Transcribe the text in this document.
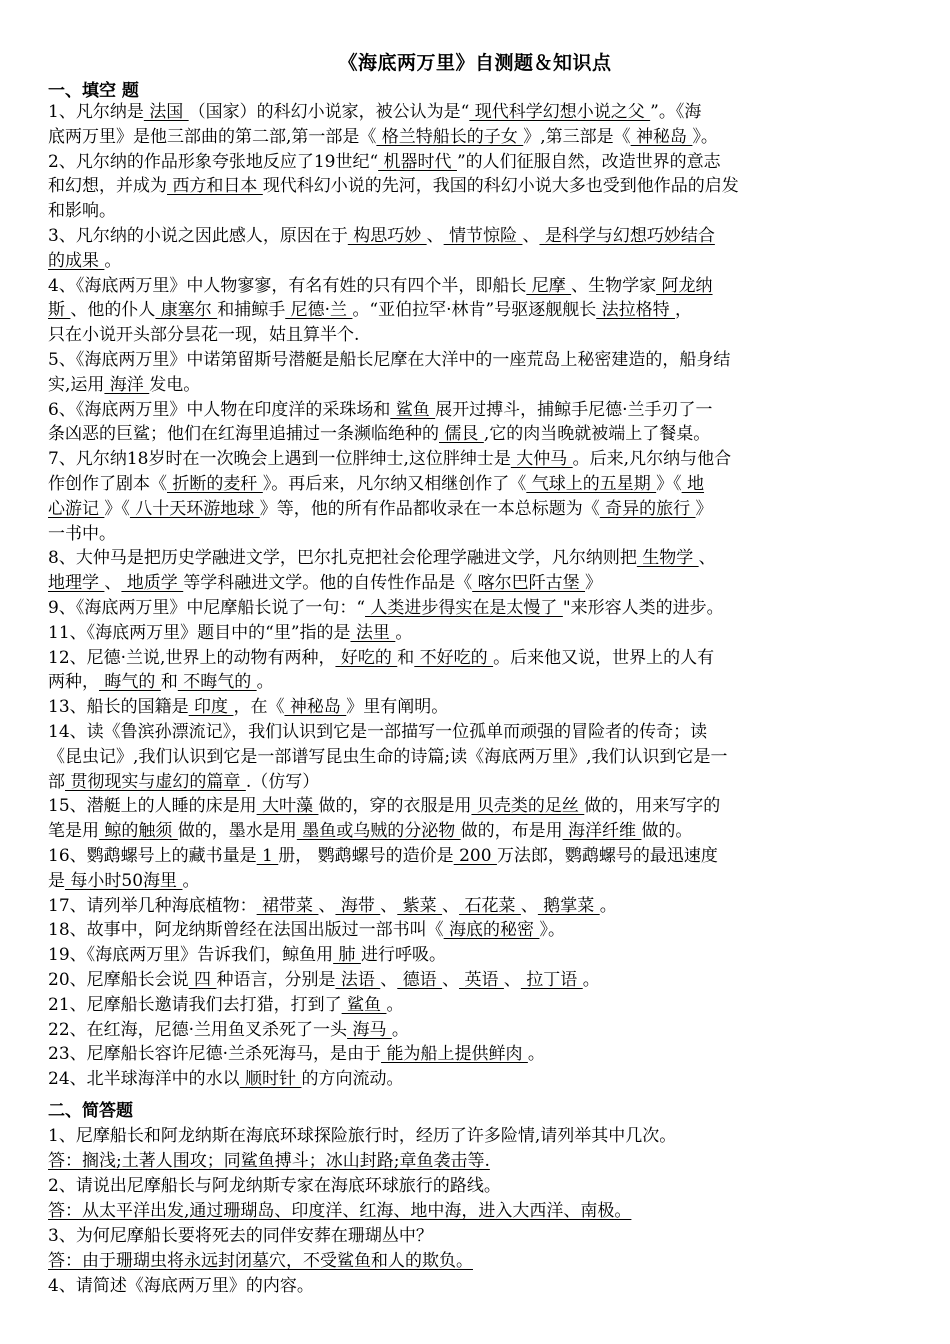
《海底两万里》自测题＆知识点
一、填空 题
二、简答题
1、凡尔纳是 法国 （国家）的科幻小说家，被公认为是“ 现代科学幻想小说之父 ”。《海
底两万里》是他三部曲的第二部,第一部是《 格兰特船长的子女 》,第三部是《 神秘岛 》。
2、凡尔纳的作品形象夸张地反应了19世纪“ 机器时代 ”的人们征服自然，改造世界的意志
和幻想，并成为 西方和日本 现代科幻小说的先河，我国的科幻小说大多也受到他作品的启发
和影响。
3、凡尔纳的小说之因此感人，原因在于 构思巧妙 、 情节惊险 、 是科学与幻想巧妙结合
的成果 。
4、《海底两万里》中人物寥寥，有名有姓的只有四个半，即船长 尼摩 、生物学家 阿龙纳
斯 、他的仆人 康塞尔 和捕鲸手 尼德·兰 。“亚伯拉罕·林肯”号驱逐舰舰长 法拉格特 ，
只在小说开头部分昙花一现，姑且算半个.
5、《海底两万里》中诺第留斯号潜艇是船长尼摩在大洋中的一座荒岛上秘密建造的，船身结
实,运用 海洋 发电。
6、《海底两万里》中人物在印度洋的采珠场和 鲨鱼 展开过搏斗，捕鲸手尼德·兰手刃了一
条凶恶的巨鲨；他们在红海里追捕过一条濒临绝种的 儒艮 ,它的肉当晚就被端上了餐桌。
7、凡尔纳18岁时在一次晚会上遇到一位胖绅士,这位胖绅士是 大仲马 。后来,凡尔纳与他合
作创作了剧本《 折断的麦秆 》。再后来，凡尔纳又相继创作了《 气球上的五星期 》《 地
心游记 》《 八十天环游地球 》等，他的所有作品都收录在一本总标题为《 奇异的旅行 》
一书中。
8、大仲马是把历史学融进文学，巴尔扎克把社会伦理学融进文学，凡尔纳则把 生物学 、
地理学 、 地质学 等学科融进文学。他的自传性作品是《 喀尔巴阡古堡 》
9、《海底两万里》中尼摩船长说了一句：“ 人类进步得实在是太慢了 "来形容人类的进步。
11、《海底两万里》题目中的“里”指的是 法里 。
12、尼德·兰说,世界上的动物有两种， 好吃的 和 不好吃的 。后来他又说，世界上的人有
两种， 晦气的 和 不晦气的 。
13、船长的国籍是 印度 ，在《 神秘岛 》里有阐明。
14、读《鲁滨孙漂流记》，我们认识到它是一部描写一位孤单而顽强的冒险者的传奇；读
《昆虫记》,我们认识到它是一部谱写昆虫生命的诗篇;读《海底两万里》,我们认识到它是一
部 贯彻现实与虚幻的篇章 .（仿写）
15、潜艇上的人睡的床是用 大叶藻 做的，穿的衣服是用 贝壳类的足丝 做的，用来写字的
笔是用 鲸的触须 做的，墨水是用 墨鱼或乌贼的分泌物 做的，布是用 海洋纤维 做的。
16、鹦鹉螺号上的藏书量是 1 册， 鹦鹉螺号的造价是 200 万法郎，鹦鹉螺号的最迅速度
是 每小时50海里 。
17、请列举几种海底植物： 裙带菜 、 海带 、 紫菜 、 石花菜 、 鹅掌菜 。
18、故事中，阿龙纳斯曾经在法国出版过一部书叫《 海底的秘密 》。
19、《海底两万里》告诉我们，鲸鱼用 肺 进行呼吸。
20、尼摩船长会说 四 种语言，分别是 法语 、 德语 、 英语 、 拉丁语 。
21、尼摩船长邀请我们去打猎，打到了 鲨鱼 。
22、在红海，尼德·兰用鱼叉杀死了一头 海马 。
23、尼摩船长容许尼德·兰杀死海马，是由于 能为船上提供鲜肉 。
24、北半球海洋中的水以 顺时针 的方向流动。
1、尼摩船长和阿龙纳斯在海底环球探险旅行时，经历了许多险情,请列举其中几次。
答：搁浅;土著人围攻；同鲨鱼搏斗；冰山封路;章鱼袭击等.
2、请说出尼摩船长与阿龙纳斯专家在海底环球旅行的路线。
答：从太平洋出发,通过珊瑚岛、印度洋、红海、地中海，进入大西洋、南极。
3、为何尼摩船长要将死去的同伴安葬在珊瑚丛中？
答：由于珊瑚虫将永远封闭墓穴，不受鲨鱼和人的欺负。
4、请简述《海底两万里》的内容。
